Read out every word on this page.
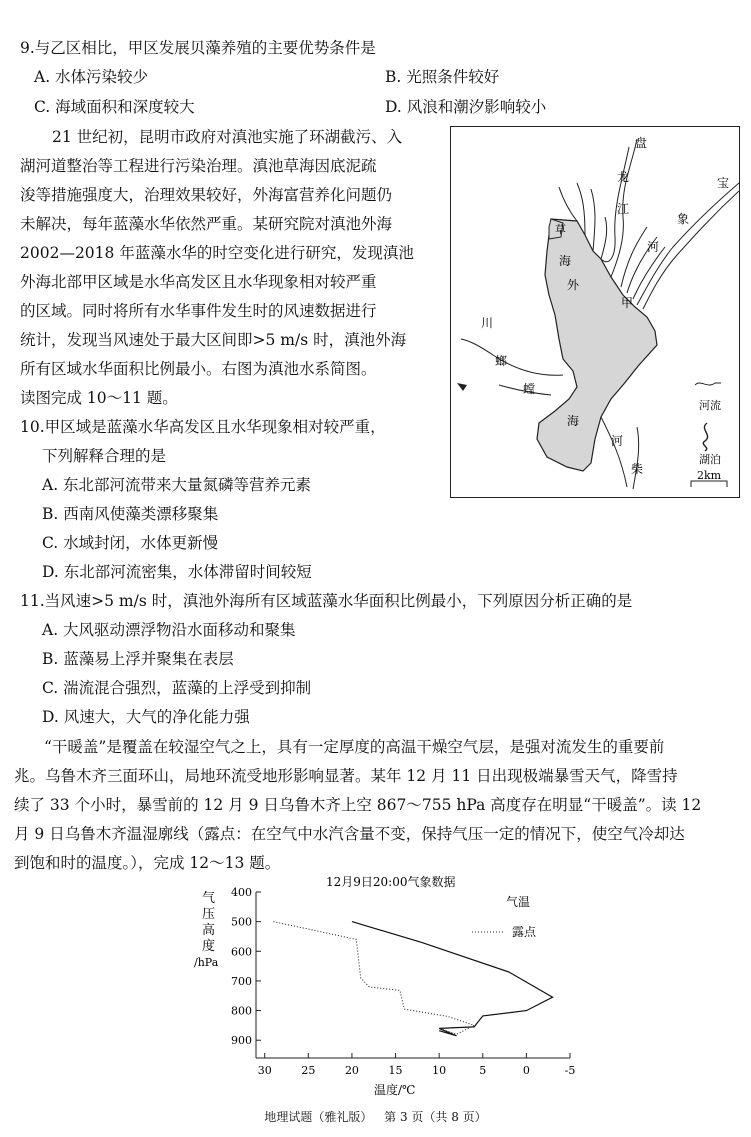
9.与乙区相比，甲区发展贝藻养殖的主要优势条件是
A. 水体污染较少	B. 光照条件较好
C. 海域面积和深度较大	D. 风浪和潮汐影响较小
21 世纪初，昆明市政府对滇池实施了环湖截污、入
湖河道整治等工程进行污染治理。滇池草海因底泥疏
浚等措施强度大，治理效果较好，外海富营养化问题仍
未解决，每年蓝藻水华依然严重。某研究院对滇池外海
2002—2018 年蓝藻水华的时空变化进行研究，发现滇池
外海北部甲区域是水华高发区且水华现象相对较严重
的区域。同时将所有水华事件发生时的风速数据进行
统计，发现当风速处于最大区间即>5 m/s 时，滇池外海
所有区域水华面积比例最小。右图为滇池水系简图。
读图完成 10～11 题。
盘
龙
江
宝
象
河
草
海
外
甲
川
螂
螳
海
河
柴
河流
湖泊
2km
10.甲区域是蓝藻水华高发区且水华现象相对较严重，
下列解释合理的是
A. 东北部河流带来大量氮磷等营养元素
B. 西南风使藻类漂移聚集
C. 水域封闭，水体更新慢
D. 东北部河流密集，水体滞留时间较短
11.当风速>5 m/s 时，滇池外海所有区域蓝藻水华面积比例最小，下列原因分析正确的是
A. 大风驱动漂浮物沿水面移动和聚集
B. 蓝藻易上浮并聚集在表层
C. 湍流混合强烈，蓝藻的上浮受到抑制
D. 风速大，大气的净化能力强
“干暖盖”是覆盖在较湿空气之上，具有一定厚度的高温干燥空气层，是强对流发生的重要前
兆。乌鲁木齐三面环山，局地环流受地形影响显著。某年 12 月 11 日出现极端暴雪天气，降雪持
续了 33 个小时，暴雪前的 12 月 9 日乌鲁木齐上空 867～755 hPa 高度存在明显“干暖盖”。读 12
月 9 日乌鲁木齐温湿廓线（露点：在空气中水汽含量不变，保持气压一定的情况下，使空气冷却达
到饱和时的温度。），完成 12～13 题。
12月9日20:00气象数据
气
压
高
度
/hPa
温度/℃
气温
露点
400
500
600
700
800
900
30	25	20	15	10	5	0	-5
地理试题（雅礼版） 第 3 页（共 8 页）
